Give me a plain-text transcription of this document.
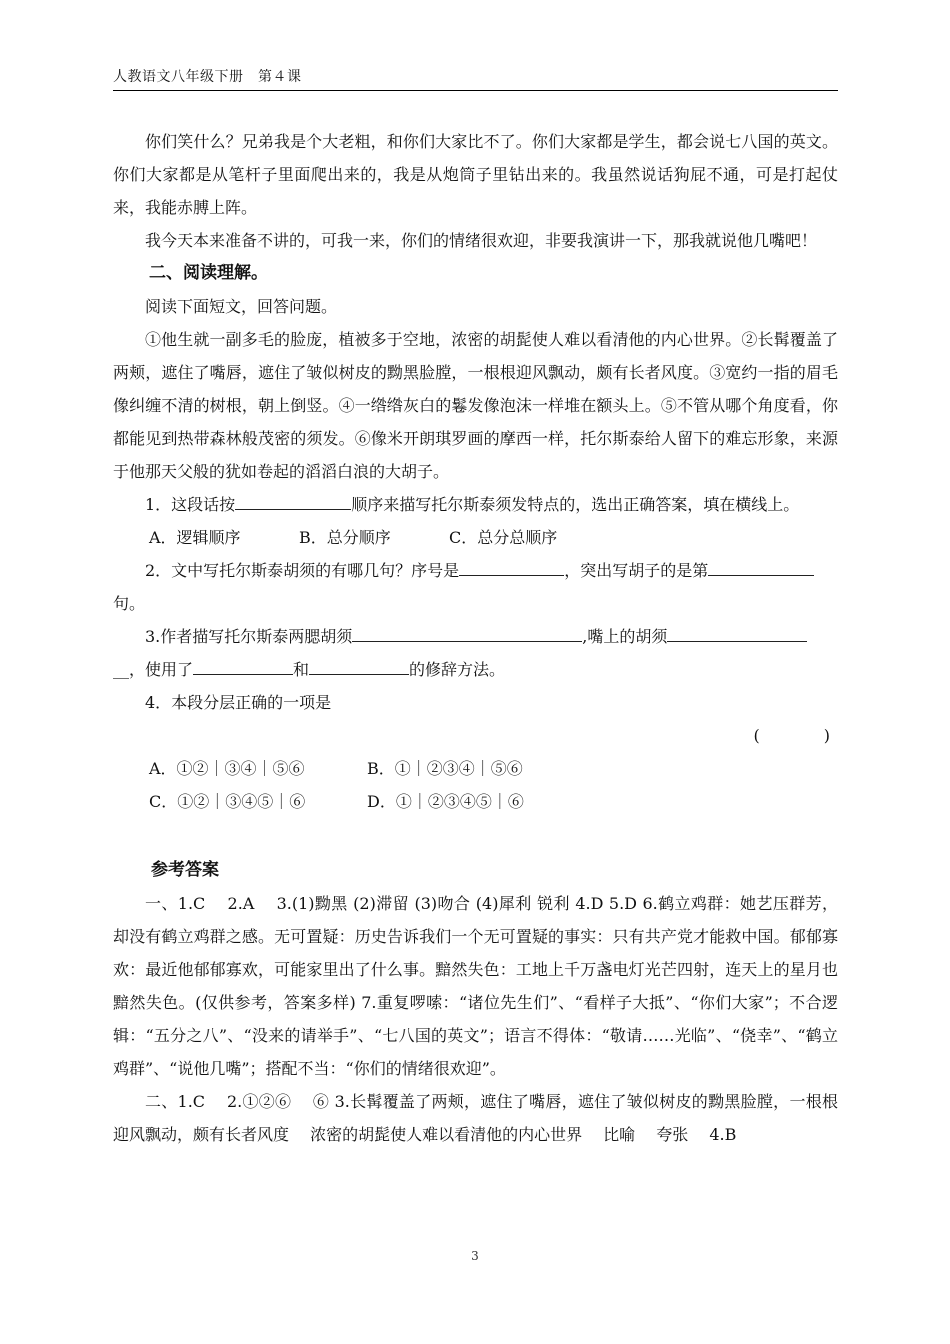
人教语文八年级下册　第４课

你们笑什么？兄弟我是个大老粗，和你们大家比不了。你们大家都是学生，都会说七八国的英文。你们大家都是从笔杆子里面爬出来的，我是从炮筒子里钻出来的。我虽然说话狗屁不通，可是打起仗来，我能赤膊上阵。

我今天本来准备不讲的，可我一来，你们的情绪很欢迎，非要我演讲一下，那我就说他几嘴吧！

二、阅读理解。

阅读下面短文，回答问题。

①他生就一副多毛的脸庞，植被多于空地，浓密的胡髭使人难以看清他的内心世界。②长髯覆盖了两颊，遮住了嘴唇，遮住了皱似树皮的黝黑脸膛，一根根迎风飘动，颇有长者风度。③宽约一指的眉毛像纠缠不清的树根，朝上倒竖。④一绺绺灰白的鬈发像泡沫一样堆在额头上。⑤不管从哪个角度看，你都能见到热带森林般茂密的须发。⑥像米开朗琪罗画的摩西一样，托尔斯泰给人留下的难忘形象，来源于他那天父般的犹如卷起的滔滔白浪的大胡子。

1．这段话按	顺序来描写托尔斯泰须发特点的，选出正确答案，填在横线上。

A．逻辑顺序	B．总分顺序	C．总分总顺序

2．文中写托尔斯泰胡须的有哪几句？序号是	，突出写胡子的是第

句。

3.作者描写托尔斯泰两腮胡须	,嘴上的胡须

__，使用了	和	的修辞方法。

4．本段分层正确的一项是

(　　　　)
A．①②｜③④｜⑤⑥	B．①｜②③④｜⑤⑥
C．①②｜③④⑤｜⑥	D．①｜②③④⑤｜⑥

参考答案

一、1.C　 2.A　 3.(1)黝黑 (2)滞留 (3)吻合 (4)犀利 锐利 4.D 5.D 6.鹤立鸡群：她艺压群芳，却没有鹤立鸡群之感。无可置疑：历史告诉我们一个无可置疑的事实：只有共产党才能救中国。郁郁寡欢：最近他郁郁寡欢，可能家里出了什么事。黯然失色：工地上千万盏电灯光芒四射，连天上的星月也黯然失色。(仅供参考，答案多样) 7.重复啰嗦：“诸位先生们”、“看样子大抵”、“你们大家”；不合逻辑：“五分之八”、“没来的请举手”、“七八国的英文”；语言不得体：“敬请……光临”、“侥幸”、“鹤立鸡群”、“说他几嘴”；搭配不当：“你们的情绪很欢迎”。

二、1.C　 2.①②⑥　 ⑥ 3.长髯覆盖了两颊，遮住了嘴唇，遮住了皱似树皮的黝黑脸膛，一根根迎风飘动，颇有长者风度　 浓密的胡髭使人难以看清他的内心世界　 比喻　 夸张　 4.B

3
